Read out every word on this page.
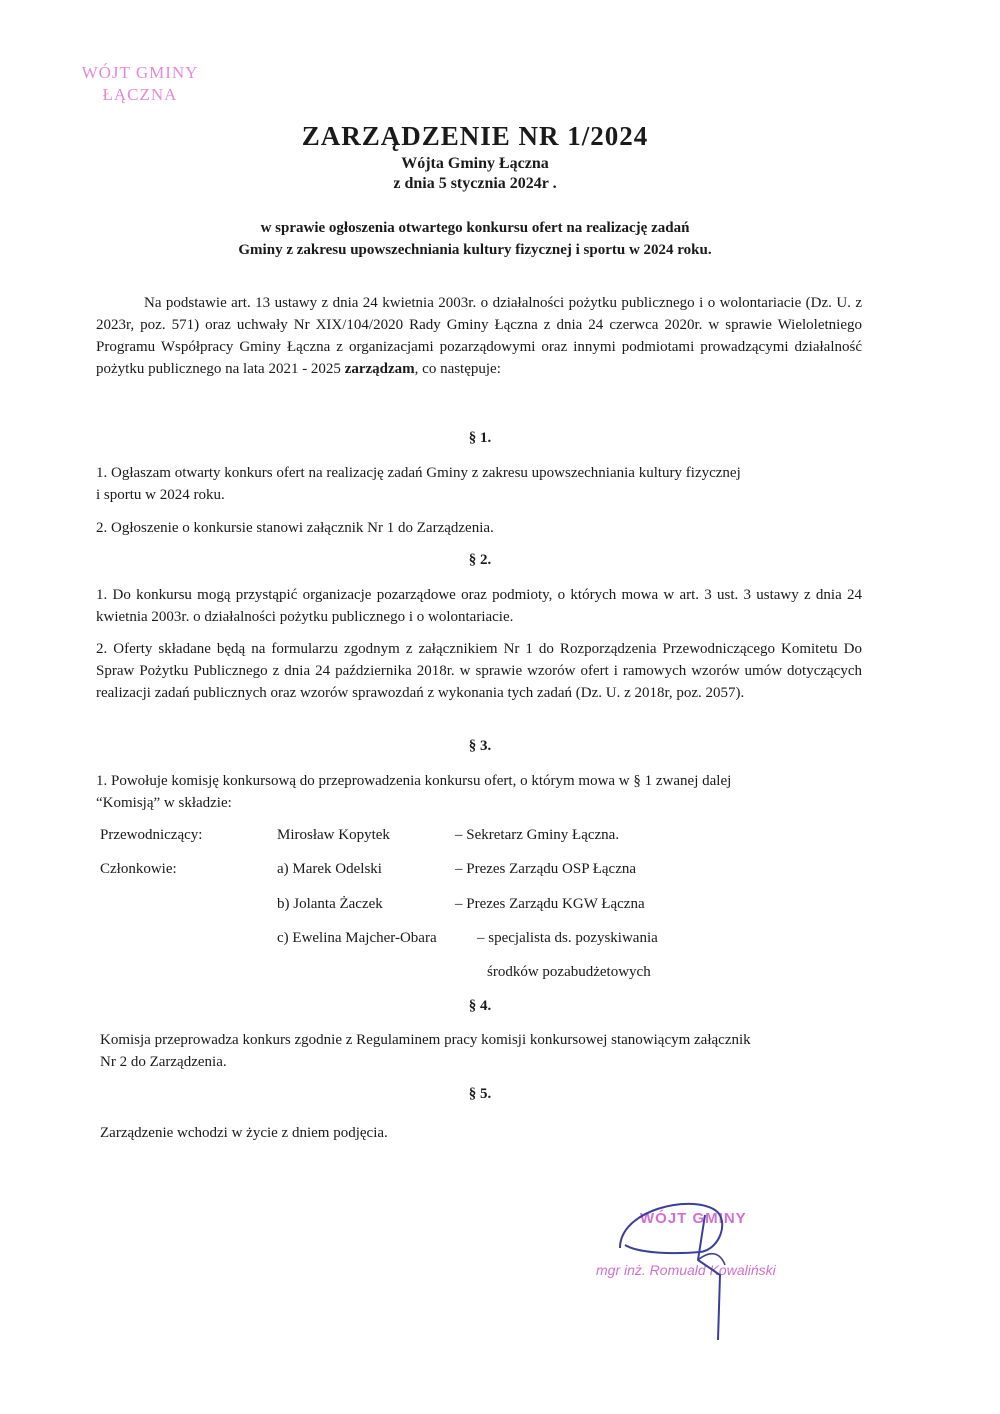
WÓJT GMINY
ŁĄCZNA
ZARZĄDZENIE NR 1/2024
Wójta Gminy Łączna
z dnia 5 stycznia 2024r .
w sprawie ogłoszenia otwartego konkursu ofert na realizację zadań
Gminy z zakresu upowszechniania kultury fizycznej i sportu w 2024 roku.
Na podstawie art. 13 ustawy z dnia 24 kwietnia 2003r. o działalności pożytku publicznego i o wolontariacie (Dz. U. z 2023r, poz. 571) oraz uchwały Nr XIX/104/2020 Rady Gminy Łączna z dnia 24 czerwca 2020r. w sprawie Wieloletniego Programu Współpracy Gminy Łączna z organizacjami pozarządowymi oraz innymi podmiotami prowadzącymi działalność pożytku publicznego na lata 2021 - 2025 zarządzam, co następuje:
§ 1.
1. Ogłaszam otwarty konkurs ofert na realizację zadań Gminy z zakresu upowszechniania kultury fizycznej
i sportu w 2024 roku.
2. Ogłoszenie o konkursie stanowi załącznik Nr 1 do Zarządzenia.
§ 2.
1. Do konkursu mogą przystąpić organizacje pozarządowe oraz podmioty, o których mowa w art. 3 ust. 3 ustawy z dnia 24 kwietnia 2003r. o działalności pożytku publicznego i o wolontariacie.
2. Oferty składane będą na formularzu zgodnym z załącznikiem Nr 1 do Rozporządzenia Przewodniczącego Komitetu Do Spraw Pożytku Publicznego z dnia 24 października 2018r. w sprawie wzorów ofert i ramowych wzorów umów dotyczących realizacji zadań publicznych oraz wzorów sprawozdań z wykonania tych zadań (Dz. U. z 2018r, poz. 2057).
§ 3.
1. Powołuje komisję konkursową do przeprowadzenia konkursu ofert, o którym mowa w § 1 zwanej dalej
“Komisją” w składzie:
Przewodniczący:	Mirosław Kopytek	– Sekretarz Gminy Łączna.
Członkowie:	a) Marek Odelski	– Prezes Zarządu OSP Łączna
b) Jolanta Żaczek	– Prezes Zarządu KGW Łączna
c) Ewelina Majcher-Obara	– specjalista ds. pozyskiwania
środków pozabudżetowych
§ 4.
Komisja przeprowadza konkurs zgodnie z Regulaminem pracy komisji konkursowej stanowiącym załącznik
Nr 2 do Zarządzenia.
§ 5.
Zarządzenie wchodzi w życie z dniem podjęcia.
WÓJT GMINY
mgr inż. Romuald Kowaliński
